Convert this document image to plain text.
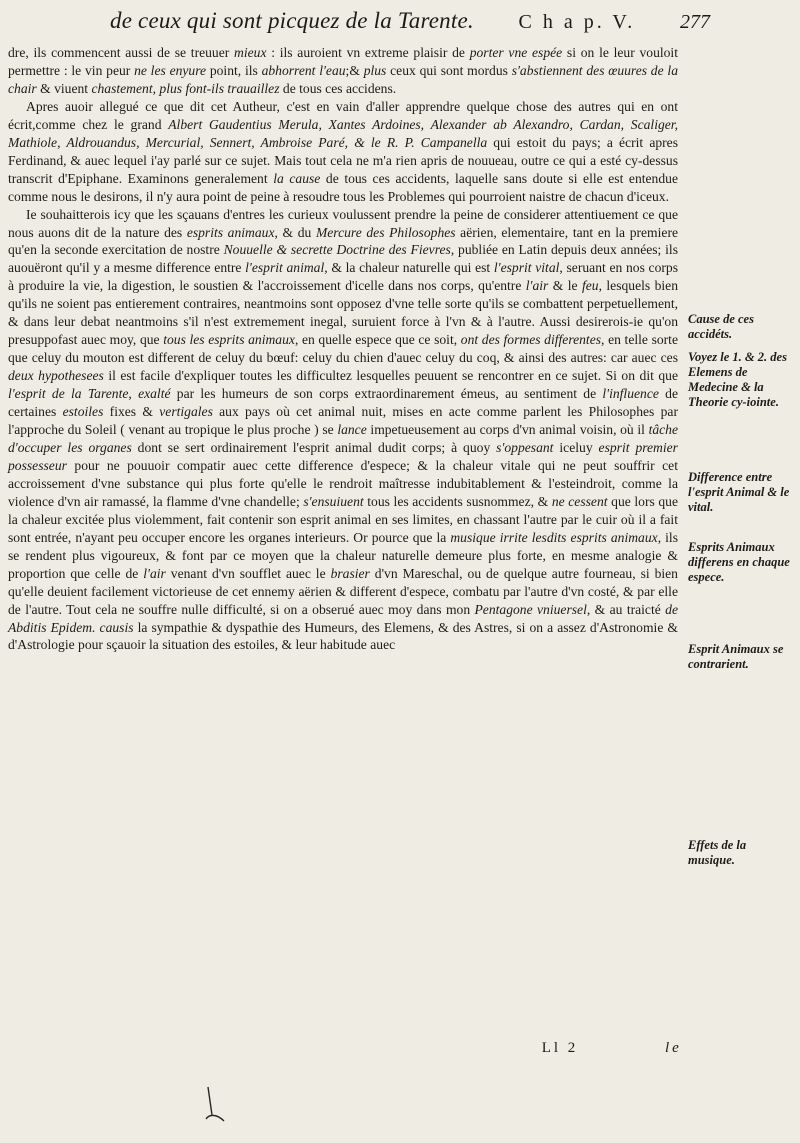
de ceux qui sont picquez de la Tarente. C h a p. V. 277

dre, ils commencent aussi de se treuuer mieux : ils auroient vn extreme plaisir de porter vne espée si on le leur vouloit permettre : le vin peur ne les enyure point, ils abhorrent l'eau;& plus ceux qui sont mordus s'abstiennent des œuures de la chair & viuent chastement, plus font-ils trauaillez de tous ces accidens.

Apres auoir allegué ce que dit cet Autheur, c'est en vain d'aller apprendre quelque chose des autres qui en ont écrit,comme chez le grand Albert Gaudentius Merula, Xantes Ardoines, Alexander ab Alexandro, Cardan, Scaliger, Mathiole, Aldrouandus, Mercurial, Sennert, Ambroise Paré, & le R. P. Campanella qui estoit du pays; a écrit apres Ferdinand, & auec lequel i'ay parlé sur ce sujet. Mais tout cela ne m'a rien apris de nouueau, outre ce qui a esté cy-dessus transcrit d'Epiphane. Examinons generalement la cause de tous ces accidents, laquelle sans doute si elle est entendue comme nous le desirons, il n'y aura point de peine à resoudre tous les Problemes qui pourroient naistre de chacun d'iceux.

Ie souhaitterois icy que les sçauans d'entres les curieux voulussent prendre la peine de considerer attentiuement ce que nous auons dit de la nature des esprits animaux, & du Mercure des Philosophes aërien, elementaire, tant en la premiere qu'en la seconde exercitation de nostre Nouuelle & secrette Doctrine des Fievres, publiée en Latin depuis deux années; ils auouëront qu'il y a mesme difference entre l'esprit animal, & la chaleur naturelle qui est l'esprit vital, seruant en nos corps à produire la vie, la digestion, le soustien & l'accroissement d'icelle dans nos corps, qu'entre l'air & le feu, lesquels bien qu'ils ne soient pas entierement contraires, neantmoins sont opposez d'vne telle sorte qu'ils se combattent perpetuellement, & dans leur debat neantmoins s'il n'est extremement inegal, suruient force à l'vn & à l'autre. Aussi desirerois-ie qu'on presuppofast auec moy, que tous les esprits animaux, en quelle espece que ce soit, ont des formes differentes, en telle sorte que celuy du mouton est different de celuy du bœuf: celuy du chien d'auec celuy du coq, & ainsi des autres: car auec ces deux hypothesees il est facile d'expliquer toutes les difficultez lesquelles peuuent se rencontrer en ce sujet. Si on dit que l'esprit de la Tarente, exalté par les humeurs de son corps extraordinarement émeus, au sentiment de l'influence de certaines estoiles fixes & vertigales aux pays où cet animal nuit, mises en acte comme parlent les Philosophes par l'approche du Soleil ( venant au tropique le plus proche ) se lance impetueusement au corps d'vn animal voisin, où il tâche d'occuper les organes dont se sert ordinairement l'esprit animal dudit corps; à quoy s'oppesant iceluy esprit premier possesseur pour ne pouuoir compatir auec cette difference d'espece; & la chaleur vitale qui ne peut souffrir cet accroissement d'vne substance qui plus forte qu'elle le rendroit maîtresse indubitablement & l'esteindroit, comme la violence d'vn air ramassé, la flamme d'vne chandelle; s'ensuiuent tous les accidents susnommez, & ne cessent que lors que la chaleur excitée plus violemment, fait contenir son esprit animal en ses limites, en chassant l'autre par le cuir où il a fait sont entrée, n'ayant peu occuper encore les organes interieurs. Or pource que la musique irrite lesdits esprits animaux, ils se rendent plus vigoureux, & font par ce moyen que la chaleur naturelle demeure plus forte, en mesme analogie & proportion que celle de l'air venant d'vn soufflet auec le brasier d'vn Mareschal, ou de quelque autre fourneau, si bien qu'elle deuient facilement victorieuse de cet ennemy aërien & different d'espece, combatu par l'autre d'vn costé, & par elle de l'autre. Tout cela ne souffre nulle difficulté, si on a obserué auec moy dans mon Pentagone vniuersel, & au traicté de Abditis Epidem. causis la sympathie & dyspathie des Humeurs, des Elemens, & des Astres, si on a assez d'Astronomie & d'Astrologie pour sçauoir la situation des estoiles, & leur habitude auec

Cause de ces accidéts.
Voyez le 1. & 2. des Elemens de Medecine & la Theorie cy-iointe.
Difference entre l'esprit Animal & le vital.
Esprits Animaux differens en chaque espece.
Esprit Animaux se contrarient.
Effets de la musique.
Ll 2	le
